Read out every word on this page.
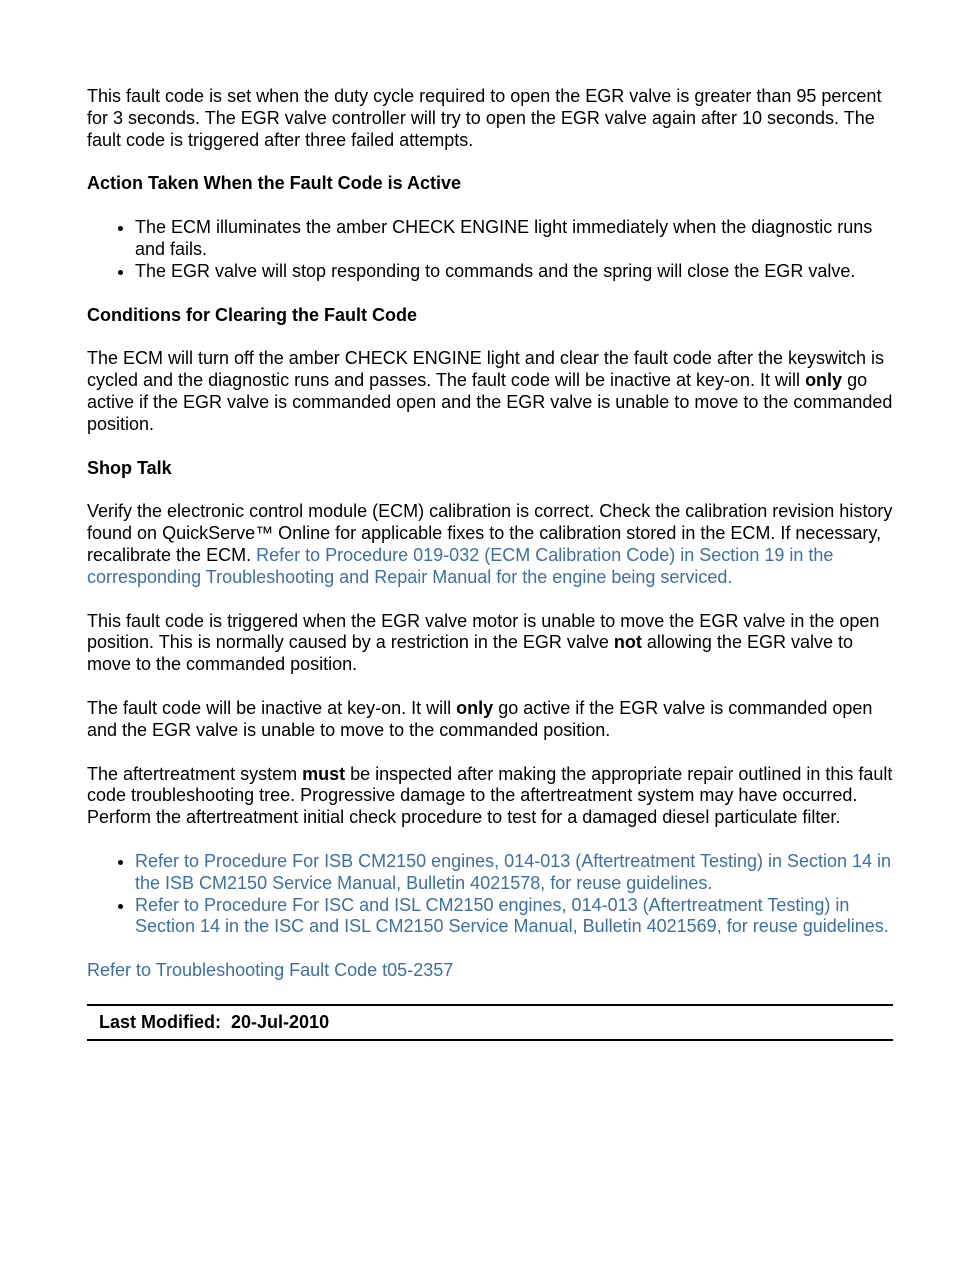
This fault code is set when the duty cycle required to open the EGR valve is greater than 95 percent for 3 seconds. The EGR valve controller will try to open the EGR valve again after 10 seconds. The fault code is triggered after three failed attempts.

Action Taken When the Fault Code is Active
The ECM illuminates the amber CHECK ENGINE light immediately when the diagnostic runs and fails.
The EGR valve will stop responding to commands and the spring will close the EGR valve.
Conditions for Clearing the Fault Code

The ECM will turn off the amber CHECK ENGINE light and clear the fault code after the keyswitch is cycled and the diagnostic runs and passes. The fault code will be inactive at key-on. It will only go active if the EGR valve is commanded open and the EGR valve is unable to move to the commanded position.

Shop Talk

Verify the electronic control module (ECM) calibration is correct. Check the calibration revision history found on QuickServe™ Online for applicable fixes to the calibration stored in the ECM. If necessary, recalibrate the ECM. Refer to Procedure 019-032 (ECM Calibration Code) in Section 19 in the corresponding Troubleshooting and Repair Manual for the engine being serviced.

This fault code is triggered when the EGR valve motor is unable to move the EGR valve in the open position. This is normally caused by a restriction in the EGR valve not allowing the EGR valve to move to the commanded position.

The fault code will be inactive at key-on. It will only go active if the EGR valve is commanded open and the EGR valve is unable to move to the commanded position.

The aftertreatment system must be inspected after making the appropriate repair outlined in this fault code troubleshooting tree. Progressive damage to the aftertreatment system may have occurred. Perform the aftertreatment initial check procedure to test for a damaged diesel particulate filter.

Refer to Procedure For ISB CM2150 engines, 014-013 (Aftertreatment Testing) in Section 14 in the ISB CM2150 Service Manual, Bulletin 4021578, for reuse guidelines.
Refer to Procedure For ISC and ISL CM2150 engines, 014-013 (Aftertreatment Testing) in Section 14 in the ISC and ISL CM2150 Service Manual, Bulletin 4021569, for reuse guidelines.

Refer to Troubleshooting Fault Code t05-2357

Last Modified: 20-Jul-2010
